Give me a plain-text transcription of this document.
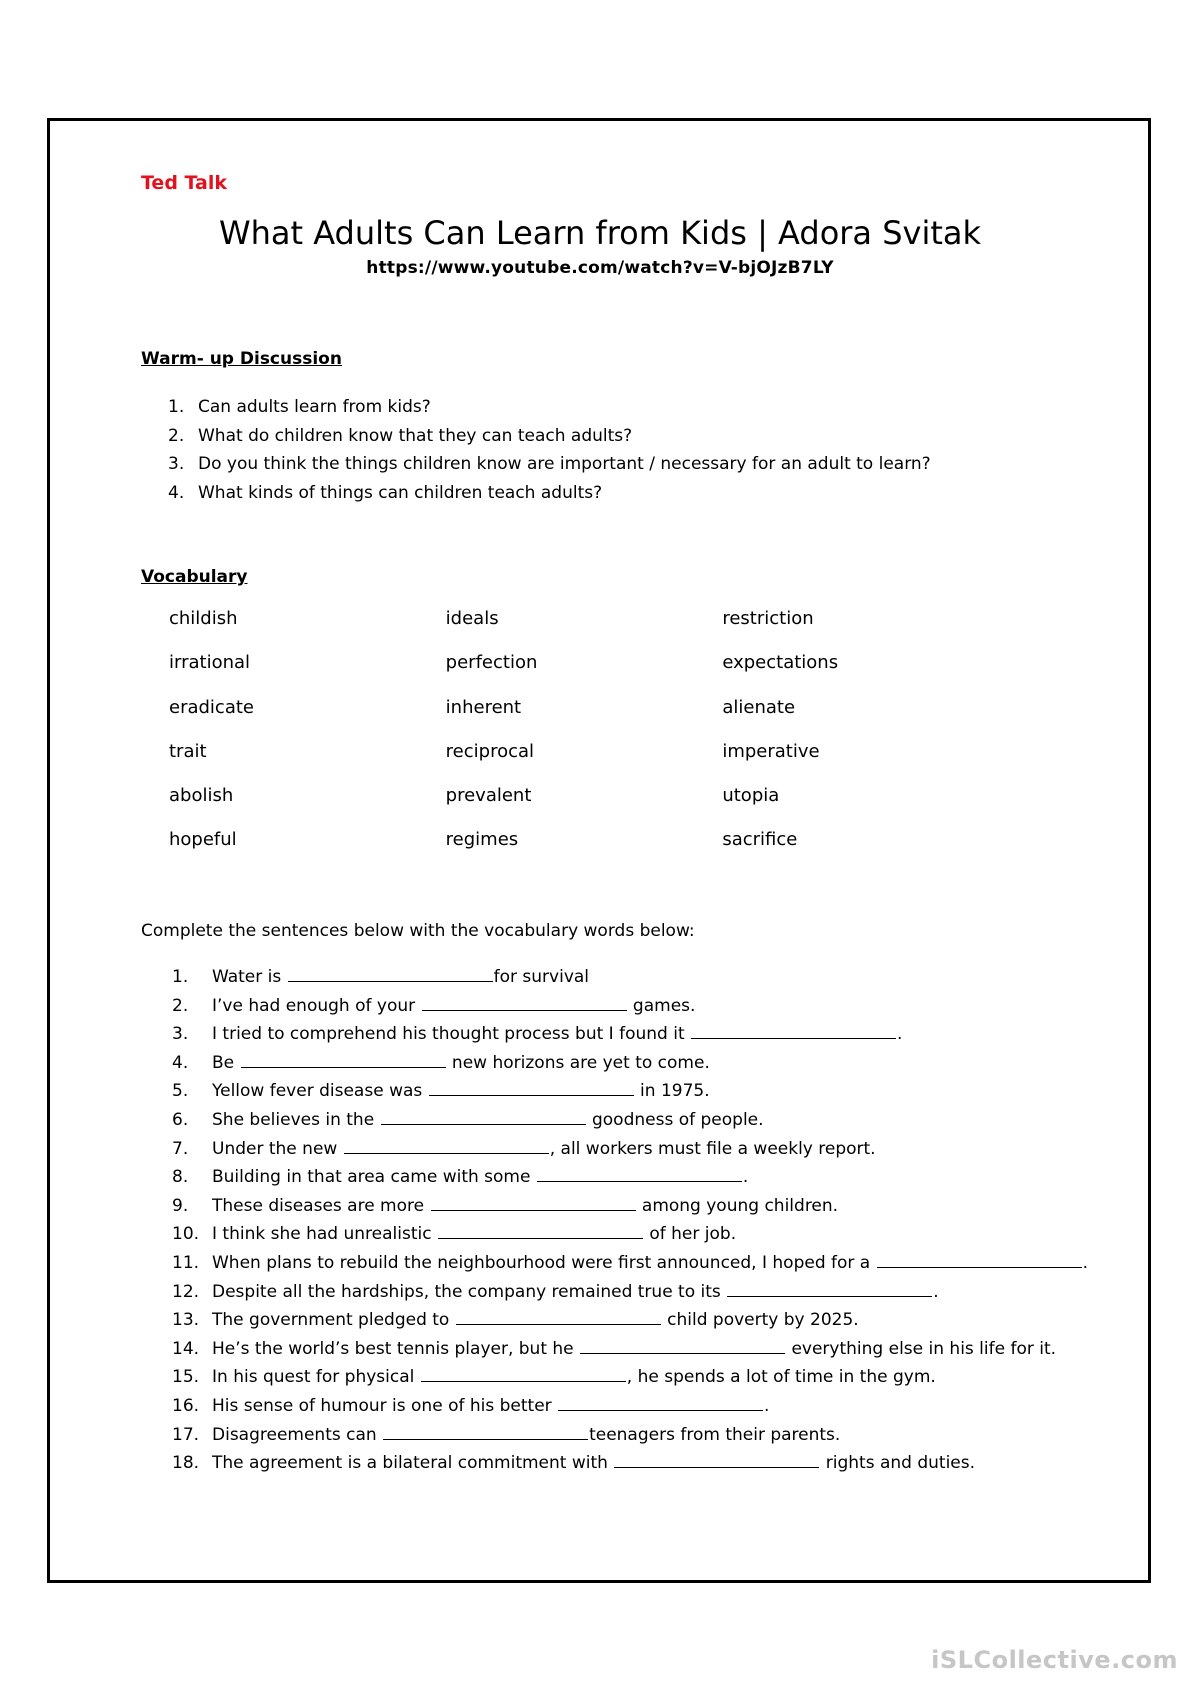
Ted Talk

What Adults Can Learn from Kids | Adora Svitak

https://www.youtube.com/watch?v=V-bjOJzB7LY

Warm- up Discussion

1. Can adults learn from kids?
2. What do children know that they can teach adults?
3. Do you think the things children know are important / necessary for an adult to learn?
4. What kinds of things can children teach adults?

Vocabulary

childish	ideals	restriction
irrational	perfection	expectations
eradicate	inherent	alienate
trait	reciprocal	imperative
abolish	prevalent	utopia
hopeful	regimes	sacrifice

Complete the sentences below with the vocabulary words below:

1. Water is	for survival
2. I’ve had enough of your	games.
3. I tried to comprehend his thought process but I found it	.
4. Be	new horizons are yet to come.
5. Yellow fever disease was	in 1975.
6. She believes in the	goodness of people.
7. Under the new	, all workers must file a weekly report.
8. Building in that area came with some	.
9. These diseases are more	among young children.
10. I think she had unrealistic	of her job.
11. When plans to rebuild the neighbourhood were first announced, I hoped for a	.
12. Despite all the hardships, the company remained true to its	.
13. The government pledged to	child poverty by 2025.
14. He’s the world’s best tennis player, but he	everything else in his life for it.
15. In his quest for physical	, he spends a lot of time in the gym.
16. His sense of humour is one of his better	.
17. Disagreements can	teenagers from their parents.
18. The agreement is a bilateral commitment with	rights and duties.

iSLCollective.com
